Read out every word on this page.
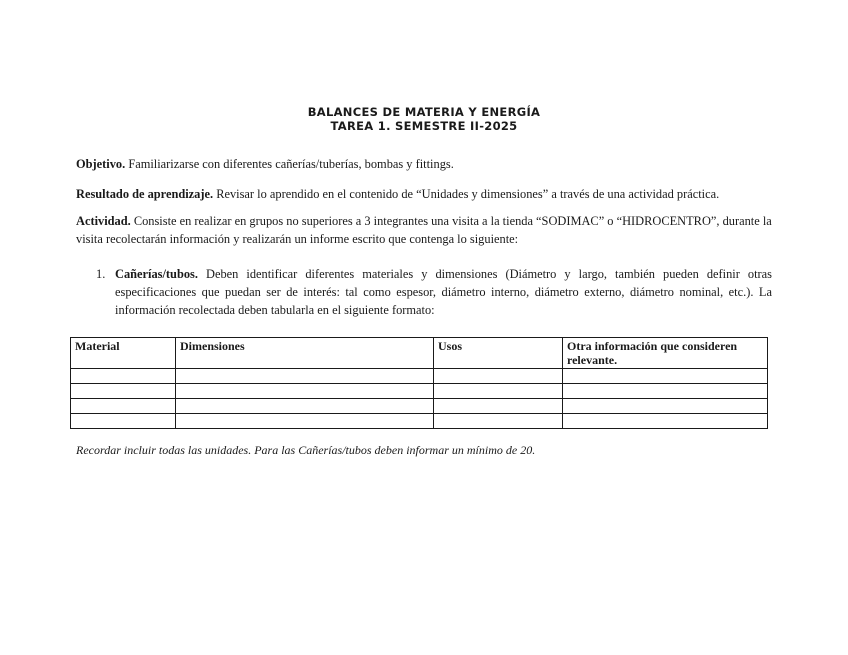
BALANCES DE MATERIA Y ENERGÍA
TAREA 1. SEMESTRE II-2025
Objetivo. Familiarizarse con diferentes cañerías/tuberías, bombas y fittings.
Resultado de aprendizaje. Revisar lo aprendido en el contenido de “Unidades y dimensiones” a través de una actividad práctica.
Actividad. Consiste en realizar en grupos no superiores a 3 integrantes una visita a la tienda “SODIMAC” o “HIDROCENTRO”, durante la visita recolectarán información y realizarán un informe escrito que contenga lo siguiente:
1. Cañerías/tubos. Deben identificar diferentes materiales y dimensiones (Diámetro y largo, también pueden definir otras especificaciones que puedan ser de interés: tal como espesor, diámetro interno, diámetro externo, diámetro nominal, etc.). La información recolectada deben tabularla en el siguiente formato:
Material	Dimensiones	Usos	Otra información que consideren relevante.

Recordar incluir todas las unidades. Para las Cañerías/tubos deben informar un mínimo de 20.
